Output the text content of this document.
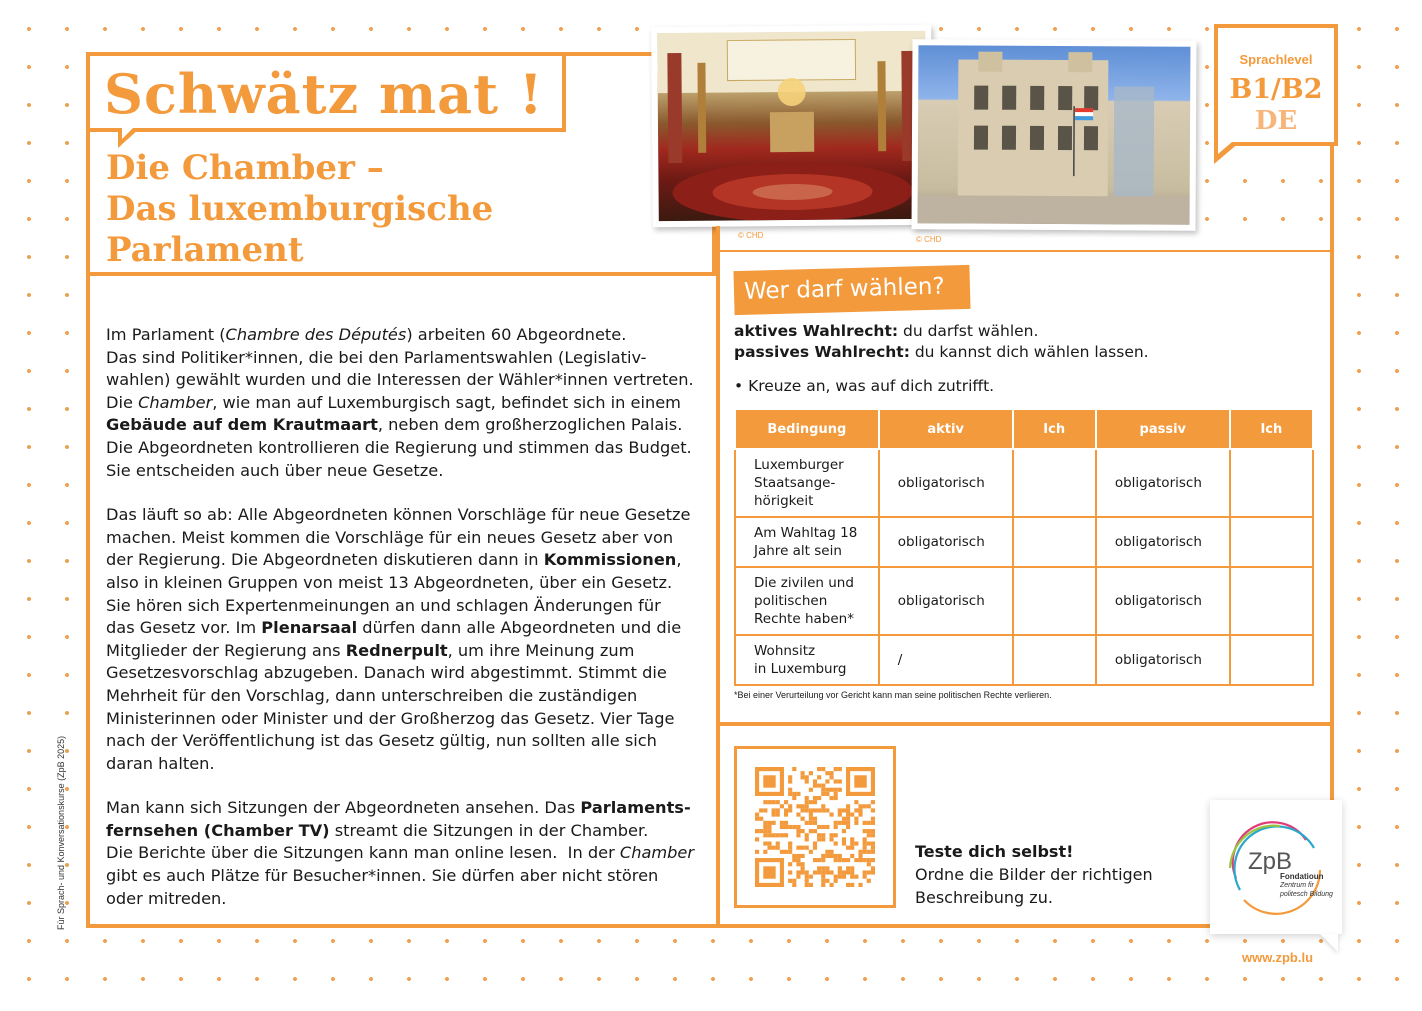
Schwätz mat !
Die Chamber –
Das luxemburgische
Parlament	© CHD	© CHD
Sprachlevel
B1/B2
DE

Im Parlament (Chambre des Députés) arbeiten 60 Abgeordnete.
Das sind Politiker*innen, die bei den Parlamentswahlen (Legislativ-
wahlen) gewählt wurden und die Interessen der Wähler*innen vertreten.
Die Chamber, wie man auf Luxemburgisch sagt, befindet sich in einem
Gebäude auf dem Krautmaart, neben dem großherzoglichen Palais.
Die Abgeordneten kontrollieren die Regierung und stimmen das Budget.
Sie entscheiden auch über neue Gesetze.

Das läuft so ab: Alle Abgeordneten können Vorschläge für neue Gesetze
machen. Meist kommen die Vorschläge für ein neues Gesetz aber von
der Regierung. Die Abgeordneten diskutieren dann in Kommissionen,
also in kleinen Gruppen von meist 13 Abgeordneten, über ein Gesetz.
Sie hören sich Expertenmeinungen an und schlagen Änderungen für
das Gesetz vor. Im Plenarsaal dürfen dann alle Abgeordneten und die
Mitglieder der Regierung ans Rednerpult, um ihre Meinung zum
Gesetzesvorschlag abzugeben. Danach wird abgestimmt. Stimmt die
Mehrheit für den Vorschlag, dann unterschreiben die zuständigen
Ministerinnen oder Minister und der Großherzog das Gesetz. Vier Tage
nach der Veröffentlichung ist das Gesetz gültig, nun sollten alle sich
daran halten.

Man kann sich Sitzungen der Abgeordneten ansehen. Das Parlaments-
fernsehen (Chamber TV) streamt die Sitzungen in der Chamber.
Die Berichte über die Sitzungen kann man online lesen.  In der Chamber
gibt es auch Plätze für Besucher*innen. Sie dürfen aber nicht stören
oder mitreden.

Für Sprach- und Konversationskurse (ZpB 2025)
Wer darf wählen?
aktives Wahlrecht: du darfst wählen.
passives Wahlrecht: du kannst dich wählen lassen.
• Kreuze an, was auf dich zutrifft.
Bedingung	aktiv	Ich	passiv	Ich
Luxemburger Staatsange-
hörigkeit	obligatorisch		obligatorisch	
Am Wahltag 18
Jahre alt sein	obligatorisch		obligatorisch	
Die zivilen und
politischen
Rechte haben*	obligatorisch		obligatorisch	
Wohnsitz
in Luxemburg	/		obligatorisch	
*Bei einer Verurteilung vor Gericht kann man seine politischen Rechte verlieren.
Teste dich selbst!
Ordne die Bilder der richtigen
Beschreibung zu.
ZpB
Fondatioun
Zentrum fir
politesch Bildung
www.zpb.lu
